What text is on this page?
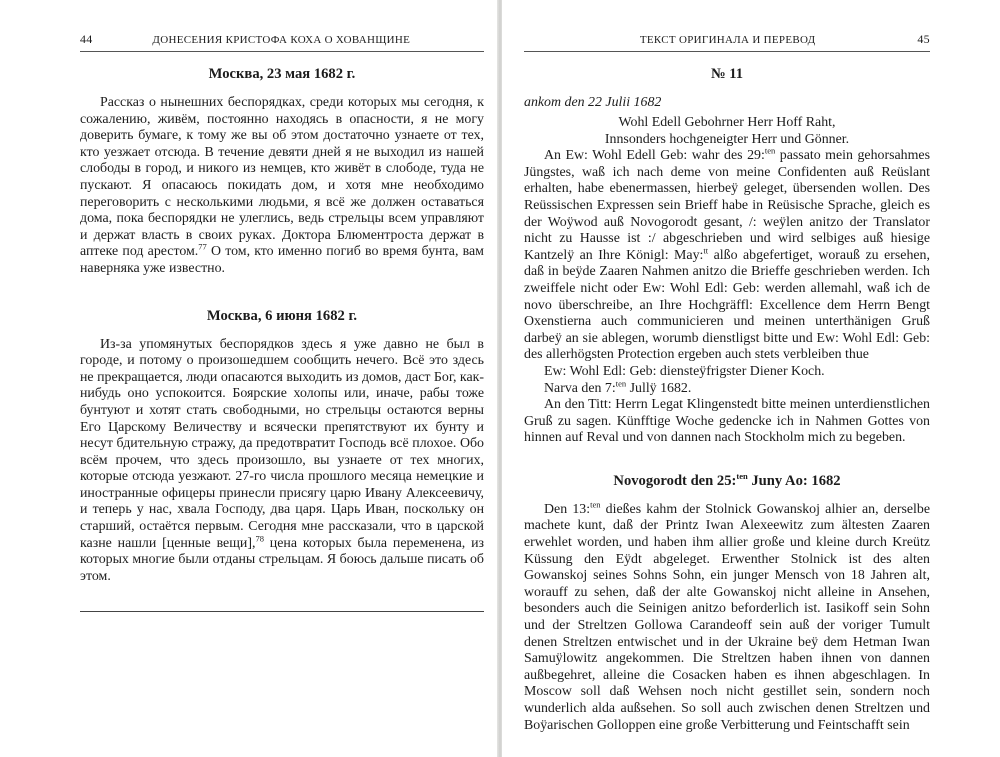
44	ДОНЕСЕНИЯ КРИСТОФА КОХА О ХОВАНЩИНЕ
Москва, 23 мая 1682 г.

Рассказ о нынешних беспорядках, среди которых мы сегодня, к сожалению, живём, постоянно находясь в опасности, я не могу доверить бумаге, к тому же вы об этом достаточно узнаете от тех, кто уезжает отсюда. В течение девяти дней я не выходил из нашей слободы в город, и никого из немцев, кто живёт в слободе, туда не пускают. Я опасаюсь покидать дом, и хотя мне необходимо переговорить с несколькими людьми, я всё же должен оставаться дома, пока беспорядки не улеглись, ведь стрельцы всем управляют и держат власть в своих руках. Доктора Блюментроста держат в аптеке под арестом.$^{77}$ О том, кто именно погиб во время бунта, вам наверняка уже известно.

Москва, 6 июня 1682 г.

Из-за упомянутых беспорядков здесь я уже давно не был в городе, и потому о произошедшем сообщить нечего. Всё это здесь не прекращается, люди опасаются выходить из домов, даст Бог, как-нибудь оно успокоится. Боярские холопы или, иначе, рабы тоже бунтуют и хотят стать свободными, но стрельцы остаются верны Его Царскому Величеству и всячески препятствуют их бунту и несут бдительную стражу, да предотвратит Господь всё плохое. Обо всём прочем, что здесь произошло, вы узнаете от тех многих, которые отсюда уезжают. 27-го числа прошлого месяца немецкие и иностранные офицеры принесли присягу царю Ивану Алексеевичу, и теперь у нас, хвала Господу, два царя. Царь Иван, поскольку он старший, остаётся первым. Сегодня мне рассказали, что в царской казне нашли [ценные вещи],$^{78}$ цена которых была переменена, из которых многие были отданы стрельцам. Я боюсь дальше писать об этом.

ТЕКСТ ОРИГИНАЛА И ПЕРЕВОД	45
№ 11
ankom den 22 Julii 1682

Wohl Edell Gebohrner Herr Hoff Raht,

Innsonders hochgeneigter Herr und Gönner.

An Ew: Wohl Edell Geb: wahr des 29:$^{ten}$ passato mein gehorsahmes Jüngstes, waß ich nach deme von meine Confidenten auß Reüslant erhalten, habe ebenermassen, hierbeÿ geleget, übersenden wollen. Des Reüssischen Expressen sein Brieff habe in Reüsische Sprache, gleich es der Woÿwod auß Novogorodt gesant, /: weÿlen anitzo der Translator nicht zu Hausse ist :/ abgeschrieben und wird selbiges auß hiesige Kantzelÿ an Ihre Königl: May:$^{tt}$ alßo abgefertiget, worauß zu ersehen, daß in beÿde Zaaren Nahmen anitzo die Brieffe geschrieben werden. Ich zweiffele nicht oder Ew: Wohl Edl: Geb: werden allemahl, waß ich de novo überschreibe, an Ihre Hochgräffl: Excellence dem Herrn Bengt Oxenstierna auch communicieren und meinen unterthänigen Gruß darbeÿ an sie ablegen, worumb dienstligst bitte und Ew: Wohl Edl: Geb: des allerhögsten Protection ergeben auch stets verbleiben thue

Ew: Wohl Edl: Geb: diensteÿfrigster Diener Koch.

Narva den 7:$^{ten}$ Jullÿ 1682.

An den Titt: Herrn Legat Klingenstedt bitte meinen unterdienstlichen Gruß zu sagen. Künfftige Woche gedencke ich in Nahmen Gottes von hinnen auf Reval und von dannen nach Stockholm mich zu begeben.

Novogorodt den 25:$^{ten}$ Juny Ao: 1682

Den 13:$^{ten}$ dießes kahm der Stolnick Gowanskoj alhier an, derselbe machete kunt, daß der Printz Iwan Alexeewitz zum ältesten Zaaren erwehlet worden, und haben ihm allier große und kleine durch Kreütz Küssung den Eÿdt abgeleget. Erwenther Stolnick ist des alten Gowanskoj seines Sohns Sohn, ein junger Mensch von 18 Jahren alt, worauff zu sehen, daß der alte Gowanskoj nicht alleine in Ansehen, besonders auch die Seinigen anitzo beforderlich ist. Iasikoff sein Sohn und der Streltzen Gollowa Carandeoff sein auß der voriger Tumult denen Streltzen entwischet und in der Ukraine beÿ dem Hetman Iwan Samuÿlowitz angekommen. Die Streltzen haben ihnen von dannen außbegehret, alleine die Cosacken haben es ihnen abgeschlagen. In Moscow soll daß Wehsen noch nicht gestillet sein, sondern noch wunderlich alda außsehen. So soll auch zwischen denen Streltzen und Boÿarischen Golloppen eine große Verbitterung und Feintschafft sein
